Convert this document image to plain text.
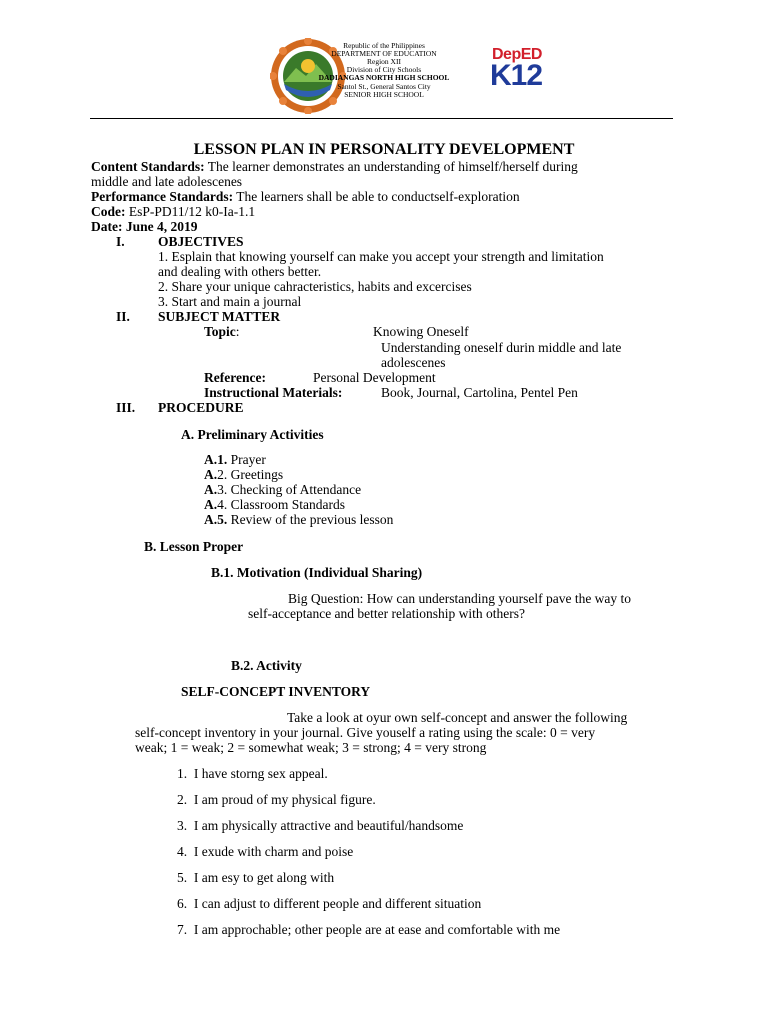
Republic of the Philippines
DEPARTMENT OF EDUCATION
Region XII
Division of City Schools
DADIANGAS NORTH HIGH SCHOOL
Santol St., General Santos City
SENIOR HIGH SCHOOL
DepED
K12
LESSON PLAN IN PERSONALITY DEVELOPMENT
Content Standards: The learner demonstrates an understanding of himself/herself during
middle and late adolescenes
Performance Standards: The learners shall be able to conductself-exploration
Code: EsP-PD11/12 k0-Ia-1.1
Date: June 4, 2019
I. OBJECTIVES
1. Esplain that knowing yourself can make you accept your strength and limitation
and dealing with others better.
2. Share your unique cahracteristics, habits and excercises
3. Start and main a journal
II. SUBJECT MATTER
Topic:	Knowing Oneself
Understanding oneself durin middle and late
adolescenes
Reference:	Personal Development
Instructional Materials:	Book, Journal, Cartolina, Pentel Pen
III. PROCEDURE
A. Preliminary Activities
A.1. Prayer
A.2. Greetings
A.3. Checking of Attendance
A.4. Classroom Standards
A.5. Review of the previous lesson
B. Lesson Proper
B.1. Motivation (Individual Sharing)
Big Question: How can understanding yourself pave the way to
self-acceptance and better relationship with others?
B.2. Activity
SELF-CONCEPT INVENTORY
Take a look at oyur own self-concept and answer the following
self-concept inventory in your journal. Give youself a rating using the scale: 0 = very
weak; 1 = weak; 2 = somewhat weak; 3 = strong; 4 = very strong
1.  I have storng sex appeal.
2.  I am proud of my physical figure.
3.  I am physically attractive and beautiful/handsome
4.  I exude with charm and poise
5.  I am esy to get along with
6.  I can adjust to different people and different situation
7.  I am approchable; other people are at ease and comfortable with me
